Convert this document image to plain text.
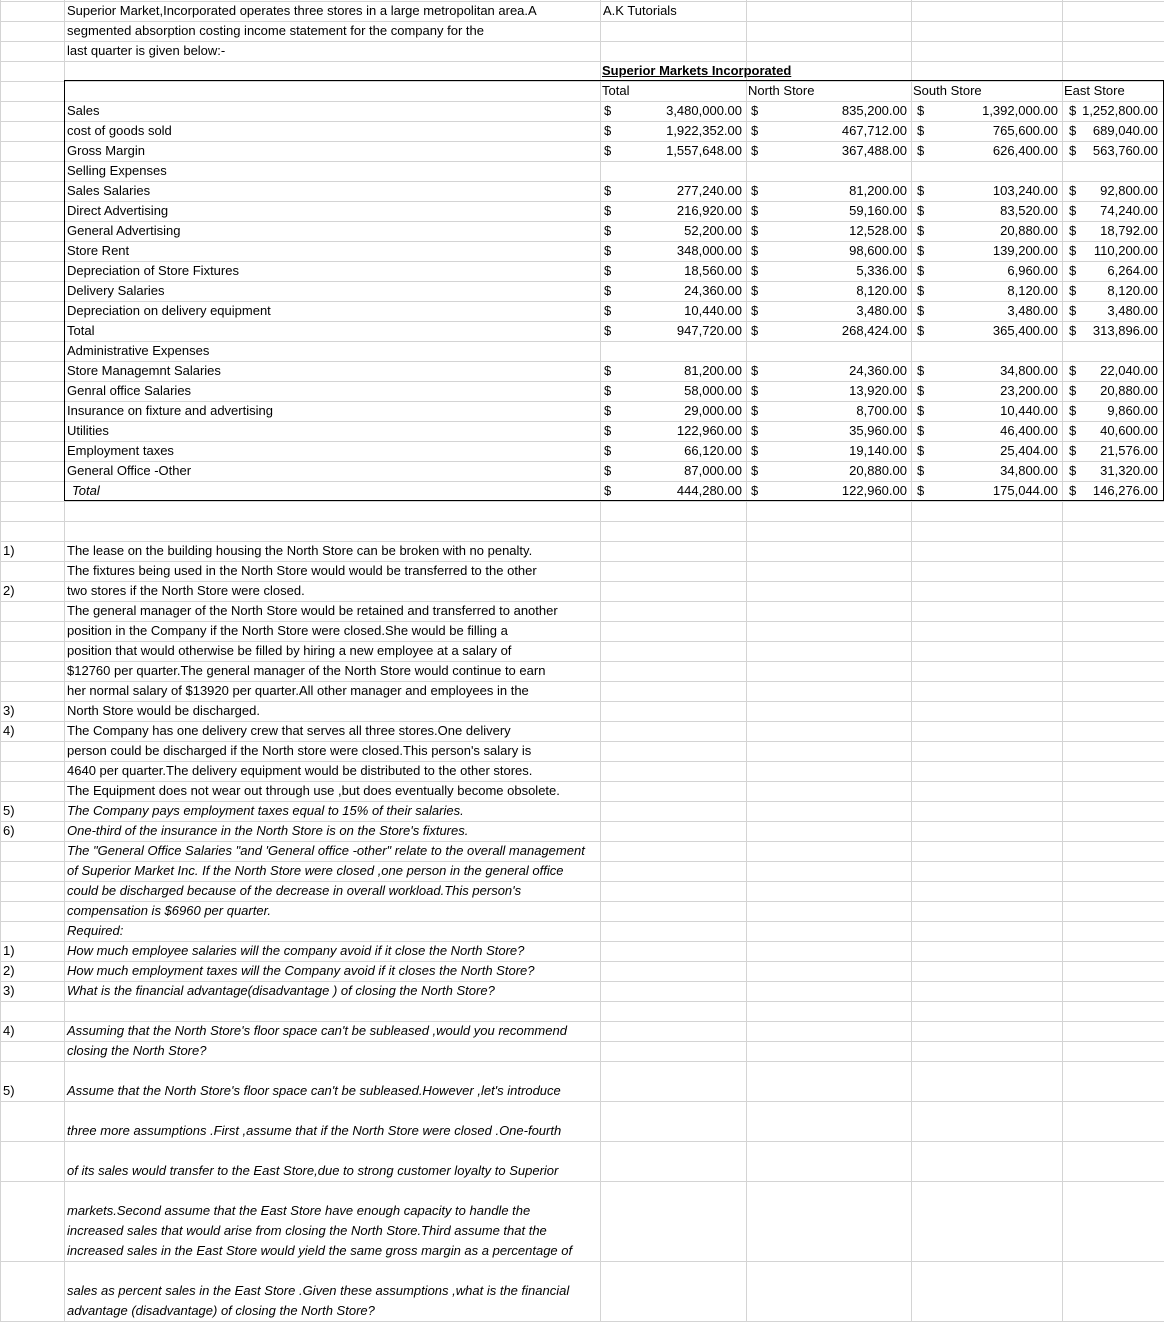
Superior Market,Incorporated operates three stores in a large metropolitan area.A
segmented absorption costing income statement for the company for the
last quarter is given below:-
A.K Tutorials
Superior Markets Incorporated
Total	North Store	South Store	East Store
Sales	$	3,480,000.00 $	835,200.00 $	1,392,000.00 $ 1,252,800.00
cost of goods sold	$	1,922,352.00 $	467,712.00 $	765,600.00 $	689,040.00
Gross Margin	$	1,557,648.00 $	367,488.00 $	626,400.00 $	563,760.00
Selling Expenses
Sales Salaries	$	277,240.00 $	81,200.00 $	103,240.00 $	92,800.00
Direct Advertising	$	216,920.00 $	59,160.00 $	83,520.00 $	74,240.00
General Advertising	$	52,200.00 $	12,528.00 $	20,880.00 $	18,792.00
Store Rent	$	348,000.00 $	98,600.00 $	139,200.00 $	110,200.00
Depreciation of Store Fixtures	$	18,560.00 $	5,336.00 $	6,960.00 $	6,264.00
Delivery Salaries	$	24,360.00 $	8,120.00 $	8,120.00 $	8,120.00
Depreciation on delivery equipment	$	10,440.00 $	3,480.00 $	3,480.00 $	3,480.00
Total	$	947,720.00 $	268,424.00 $	365,400.00 $	313,896.00
Administrative Expenses
Store Managemnt Salaries	$	81,200.00 $	24,360.00 $	34,800.00 $	22,040.00
Genral office Salaries	$	58,000.00 $	13,920.00 $	23,200.00 $	20,880.00
Insurance on fixture and advertising	$	29,000.00 $	8,700.00 $	10,440.00 $	9,860.00
Utilities	$	122,960.00 $	35,960.00 $	46,400.00 $	40,600.00
Employment taxes	$	66,120.00 $	19,140.00 $	25,404.00 $	21,576.00
General Office -Other	$	87,000.00 $	20,880.00 $	34,800.00 $	31,320.00
Total	$	444,280.00 $	122,960.00 $	175,044.00 $	146,276.00
1)	The lease on the building housing the North Store can be broken with no penalty.
The fixtures being used in the North Store would would be transferred to the other
2)	two stores if the North Store were closed.
The general manager of the North Store would be retained and transferred to another
position in the Company if the North Store were closed.She would be filling a
position that would otherwise be filled by hiring a new employee at a salary of
$12760 per quarter.The general manager of the North Store would continue to earn
her normal salary of $13920 per quarter.All other manager and employees in the
3)	North Store would be discharged.
4)	The Company has one delivery crew that serves all three stores.One delivery
person could be discharged if the North store were closed.This person's salary is
4640 per quarter.The delivery equipment would be distributed to the other stores.
The Equipment does not wear out through use ,but does eventually become obsolete.
5)	The Company pays employment taxes equal to 15% of their salaries.
6)	One-third of the insurance in the North Store is on the Store's fixtures.
The "General Office Salaries "and 'General office -other" relate to the overall management
of Superior Market Inc. If the North Store were closed ,one person in the general office
could be discharged because of the decrease in overall workload.This person's
compensation is $6960 per quarter.
Required:
1)	How much employee salaries will the company avoid if it close the North Store?
2)	How much employment taxes will the Company avoid if it closes the North Store?
3)	What is the financial advantage(disadvantage ) of closing the North Store?
4)	Assuming that the North Store's floor space can't be subleased ,would you recommend
closing the North Store?
5)	Assume that the North Store's floor space can't be subleased.However ,let's introduce
three more assumptions .First ,assume that if the North Store were closed .One-fourth
of its sales would transfer to the East Store,due to strong customer loyalty to Superior
markets.Second assume that the East Store have enough capacity to handle the
increased sales that would arise from closing the North Store.Third assume that the
increased sales in the East Store would yield the same gross margin as a percentage of
sales as percent sales in the East Store .Given these assumptions ,what is the financial
advantage (disadvantage) of closing the North Store?
